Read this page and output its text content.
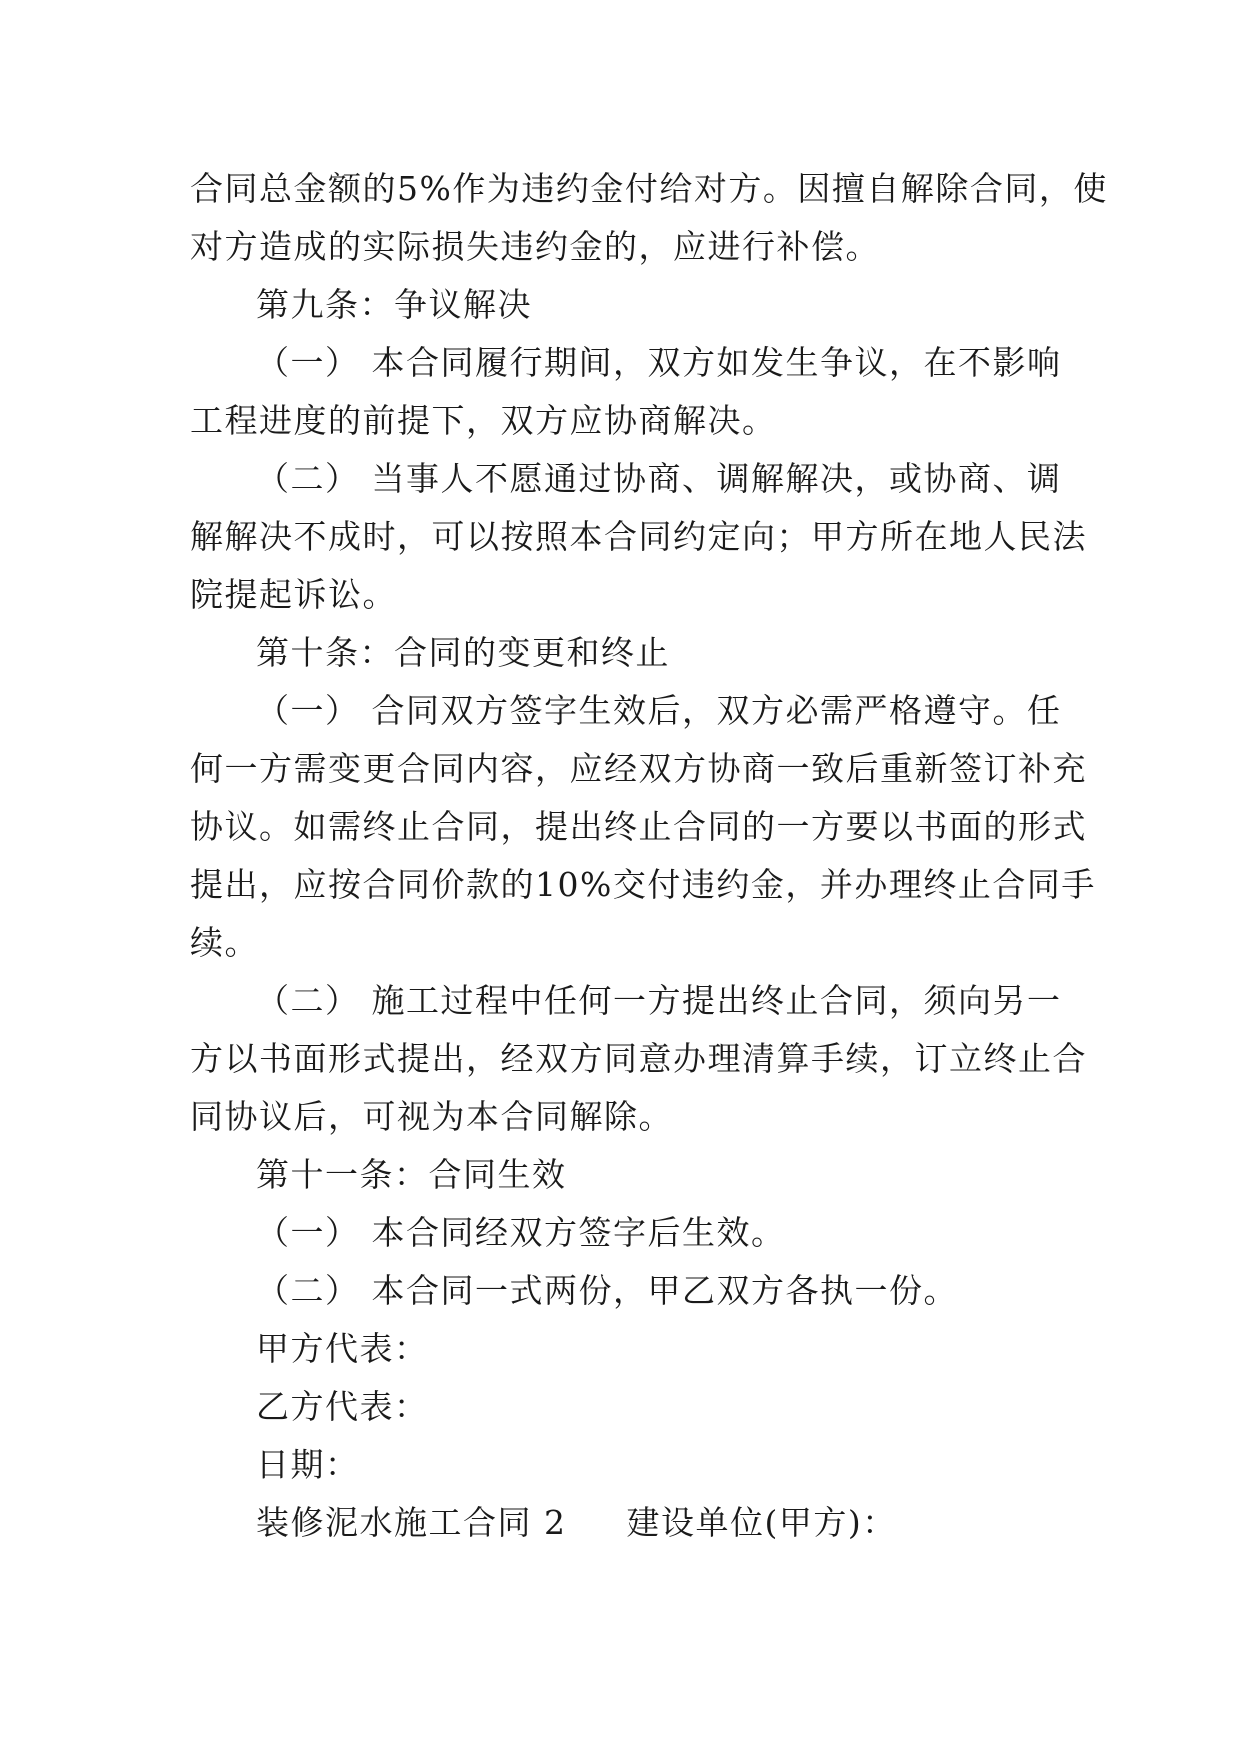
合同总金额的5%作为违约金付给对方。因擅自解除合同，使
对方造成的实际损失违约金的，应进行补偿。
第九条：争议解决
（一） 本合同履行期间，双方如发生争议，在不影响
工程进度的前提下，双方应协商解决。
（二） 当事人不愿通过协商、调解解决，或协商、调
解解决不成时，可以按照本合同约定向；甲方所在地人民法
院提起诉讼。
第十条：合同的变更和终止
（一） 合同双方签字生效后，双方必需严格遵守。任
何一方需变更合同内容，应经双方协商一致后重新签订补充
协议。如需终止合同，提出终止合同的一方要以书面的形式
提出，应按合同价款的10%交付违约金，并办理终止合同手
续。
（二） 施工过程中任何一方提出终止合同，须向另一
方以书面形式提出，经双方同意办理清算手续，订立终止合
同协议后，可视为本合同解除。
第十一条：合同生效
（一） 本合同经双方签字后生效。
（二） 本合同一式两份，甲乙双方各执一份。
甲方代表：
乙方代表：
日期：
装修泥水施工合同 2 建设单位(甲方)：
